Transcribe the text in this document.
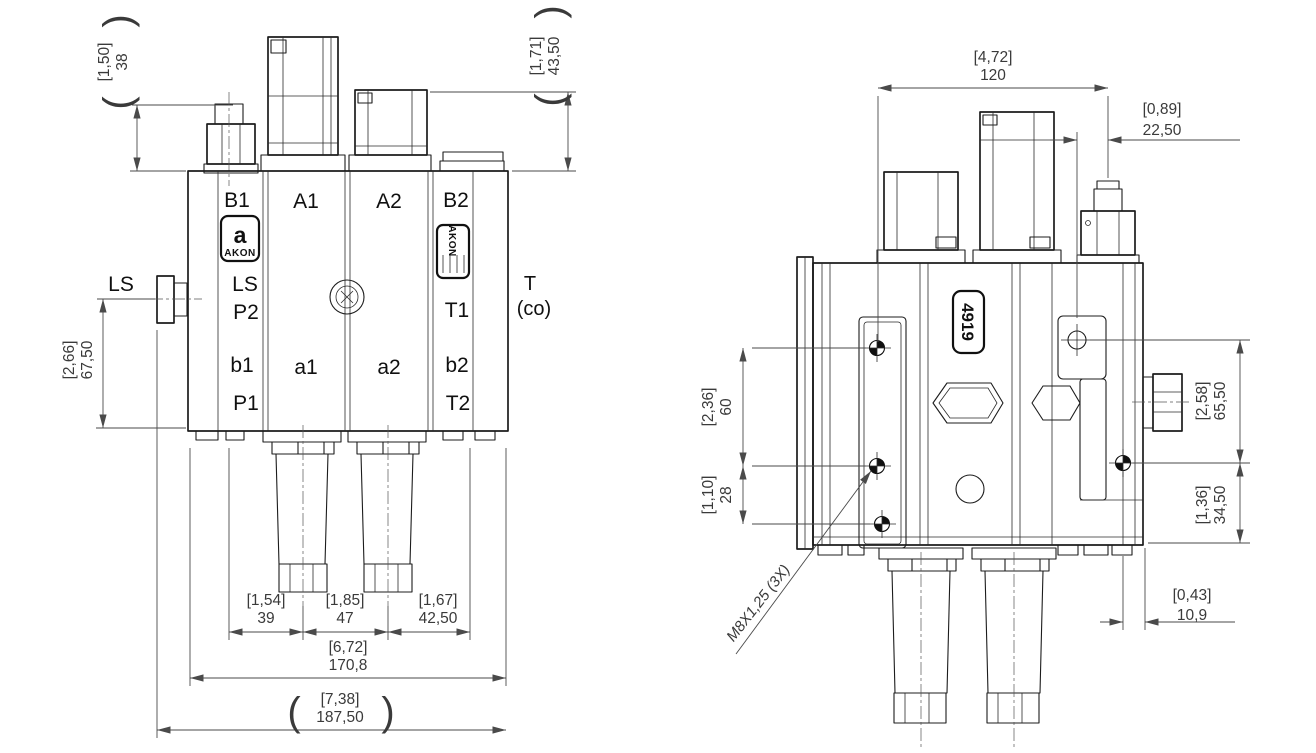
a
AKON	AKON
B1 A1	A2 B2
LS
P2	T1
b1 a1	a2 b2
P1	T2
LS	T
(co)
[1,50] 38
(
)
[1,71] 43,50
(
)
[2,66] 67,50
[1,54]
39
[1,85]
47
[1,67]
42,50
[6,72]
170,8
[7,38]
187,50
( )
4919
[4,72]
120
[0,89]
22,50
[2,36] 60
[1,10] 28
[2,58] 65,50
[1,36] 34,50
[0,43]
10,9
M8X1,25 (3X)
